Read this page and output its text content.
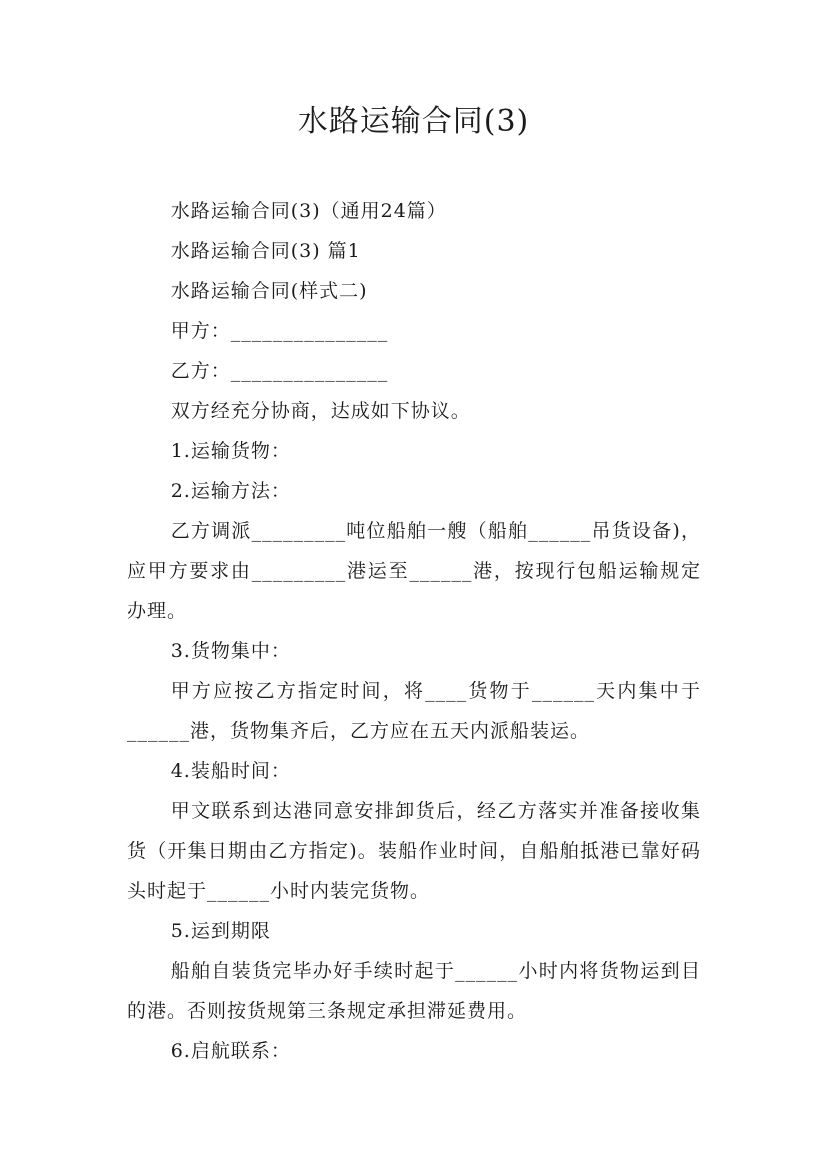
水路运输合同(3)

水路运输合同(3)（通用24篇）

水路运输合同(3) 篇1

水路运输合同(样式二)

甲方：_______________

乙方：_______________

双方经充分协商，达成如下协议。

1.运输货物：

2.运输方法：

乙方调派_________吨位船舶一艘（船舶______吊货设备)，应甲方要求由_________港运至______港，按现行包船运输规定办理。

3.货物集中：

甲方应按乙方指定时间，将____货物于______天内集中于______港，货物集齐后，乙方应在五天内派船装运。

4.装船时间：

甲文联系到达港同意安排卸货后，经乙方落实并准备接收集货（开集日期由乙方指定)。装船作业时间，自船舶抵港已靠好码头时起于______小时内装完货物。

5.运到期限

船舶自装货完毕办好手续时起于______小时内将货物运到目的港。否则按货规第三条规定承担滞延费用。

6.启航联系：
